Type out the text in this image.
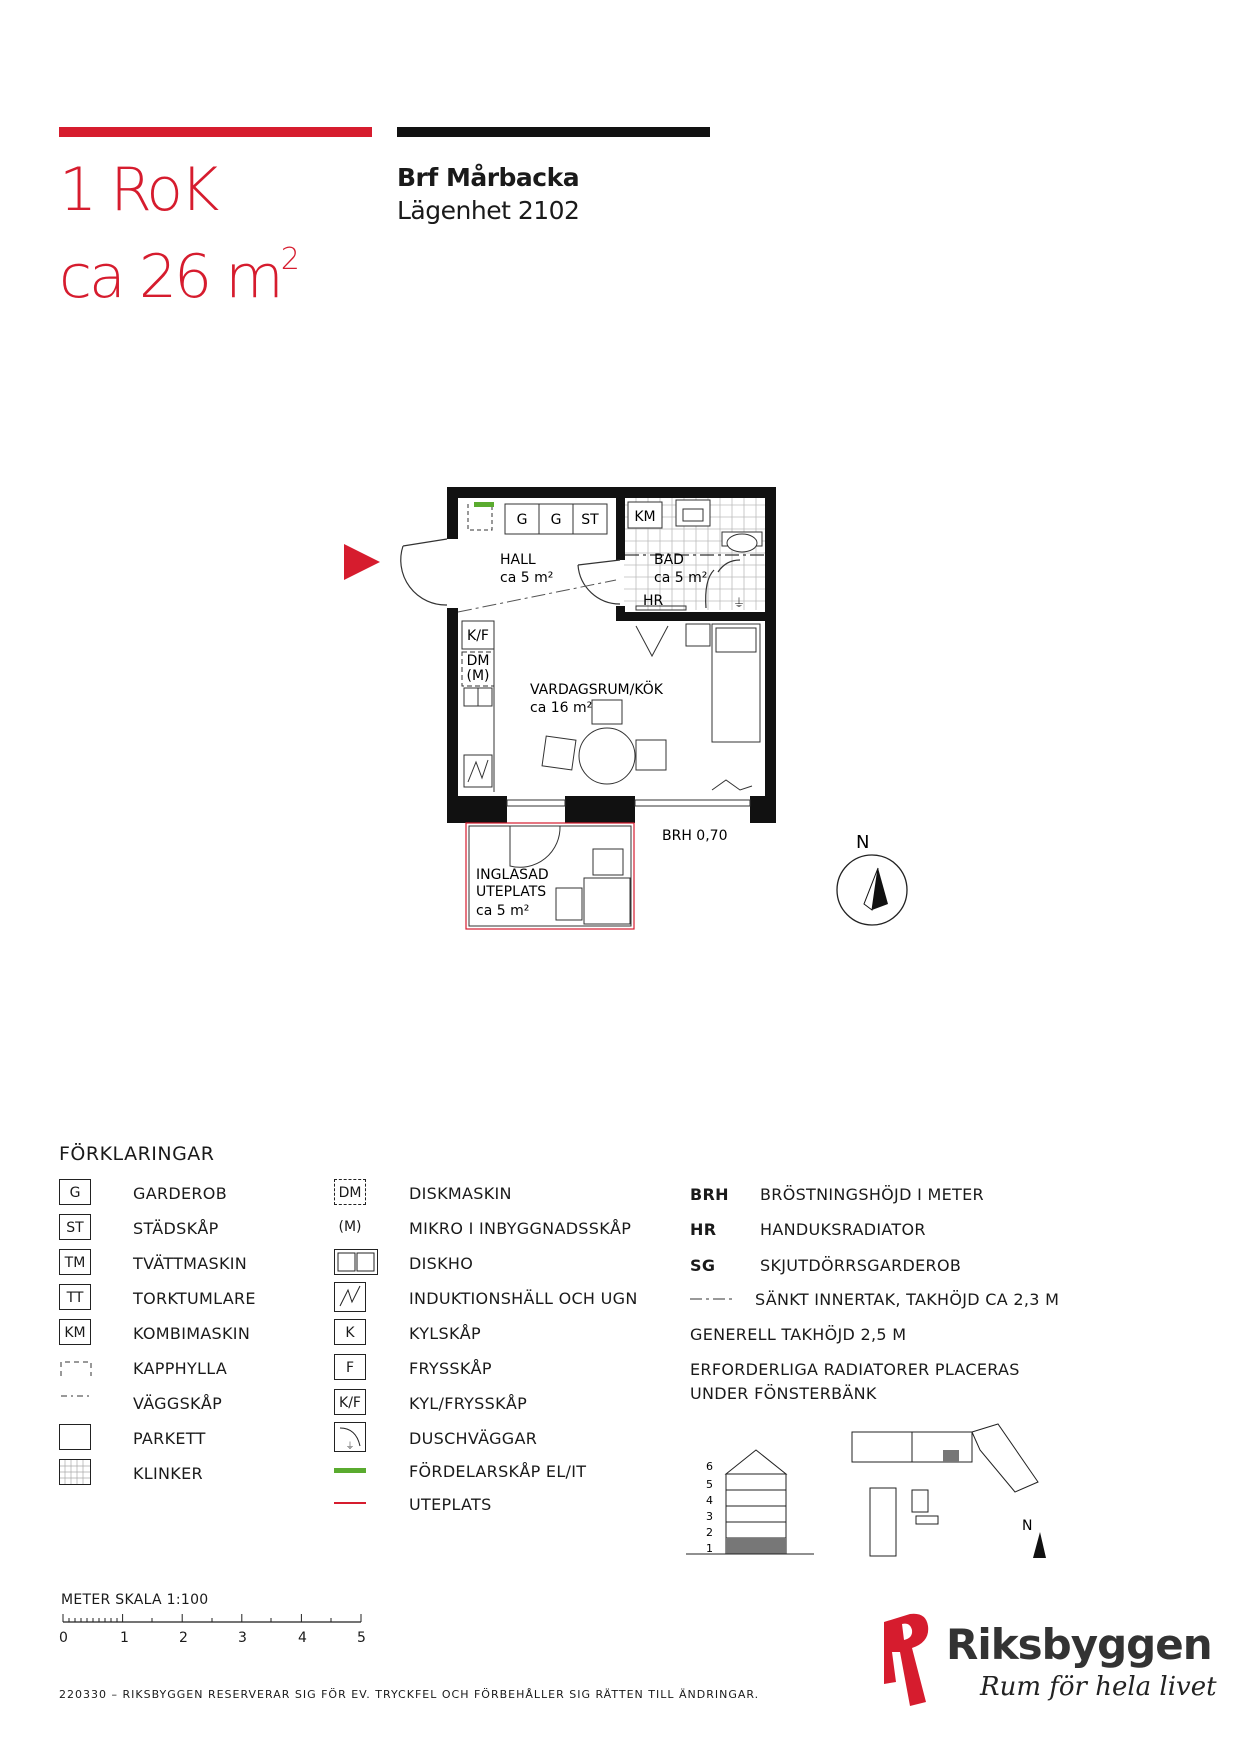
1 RoK
ca 26 $m^2$
Brf Mårbacka
Lägenhet 2102
G G ST	KM
HR	⏚
HALL
ca 5 m²
BAD
ca 5 m²
VARDAGSRUM/KÖK
ca 16 m²
K/F
DM
(M)
INGLASAD
UTEPLATS
ca 5 m²
BRH 0,70	N
FÖRKLARINGAR
G	GARDEROB
ST	STÄDSKÅP
TM	TVÄTTMASKIN
TT	TORKTUMLARE
KM	KOMBIMASKIN
KAPPHYLLA
VÄGGSKÅP
PARKETT
KLINKER
DM	DISKMASKIN
(M)	MIKRO I INBYGGNADSSKÅP
DISKHO
INDUKTIONSHÄLL OCH UGN
K	KYLSKÅP
F	FRYSSKÅP
K/F	KYL/FRYSSKÅP
⏚	DUSCHVÄGGAR
FÖRDELARSKÅP EL/IT
UTEPLATS
BRH BRÖSTNINGSHÖJD I METER
HR	HANDUKSRADIATOR
SG	SKJUTDÖRRSGARDEROB
SÄNKT INNERTAK, TAKHÖJD CA 2,3 M
GENERELL TAKHÖJD 2,5 M
ERFORDERLIGA RADIATORER PLACERAS
UNDER FÖNSTERBÄNK
6
5
4
3
2
1
N
METER SKALA 1:100
0	1	2	3	4	5	Riksbyggen
Rum för hela livet
220330 – RIKSBYGGEN RESERVERAR SIG FÖR EV. TRYCKFEL OCH FÖRBEHÅLLER SIG RÄTTEN TILL ÄNDRINGAR.
